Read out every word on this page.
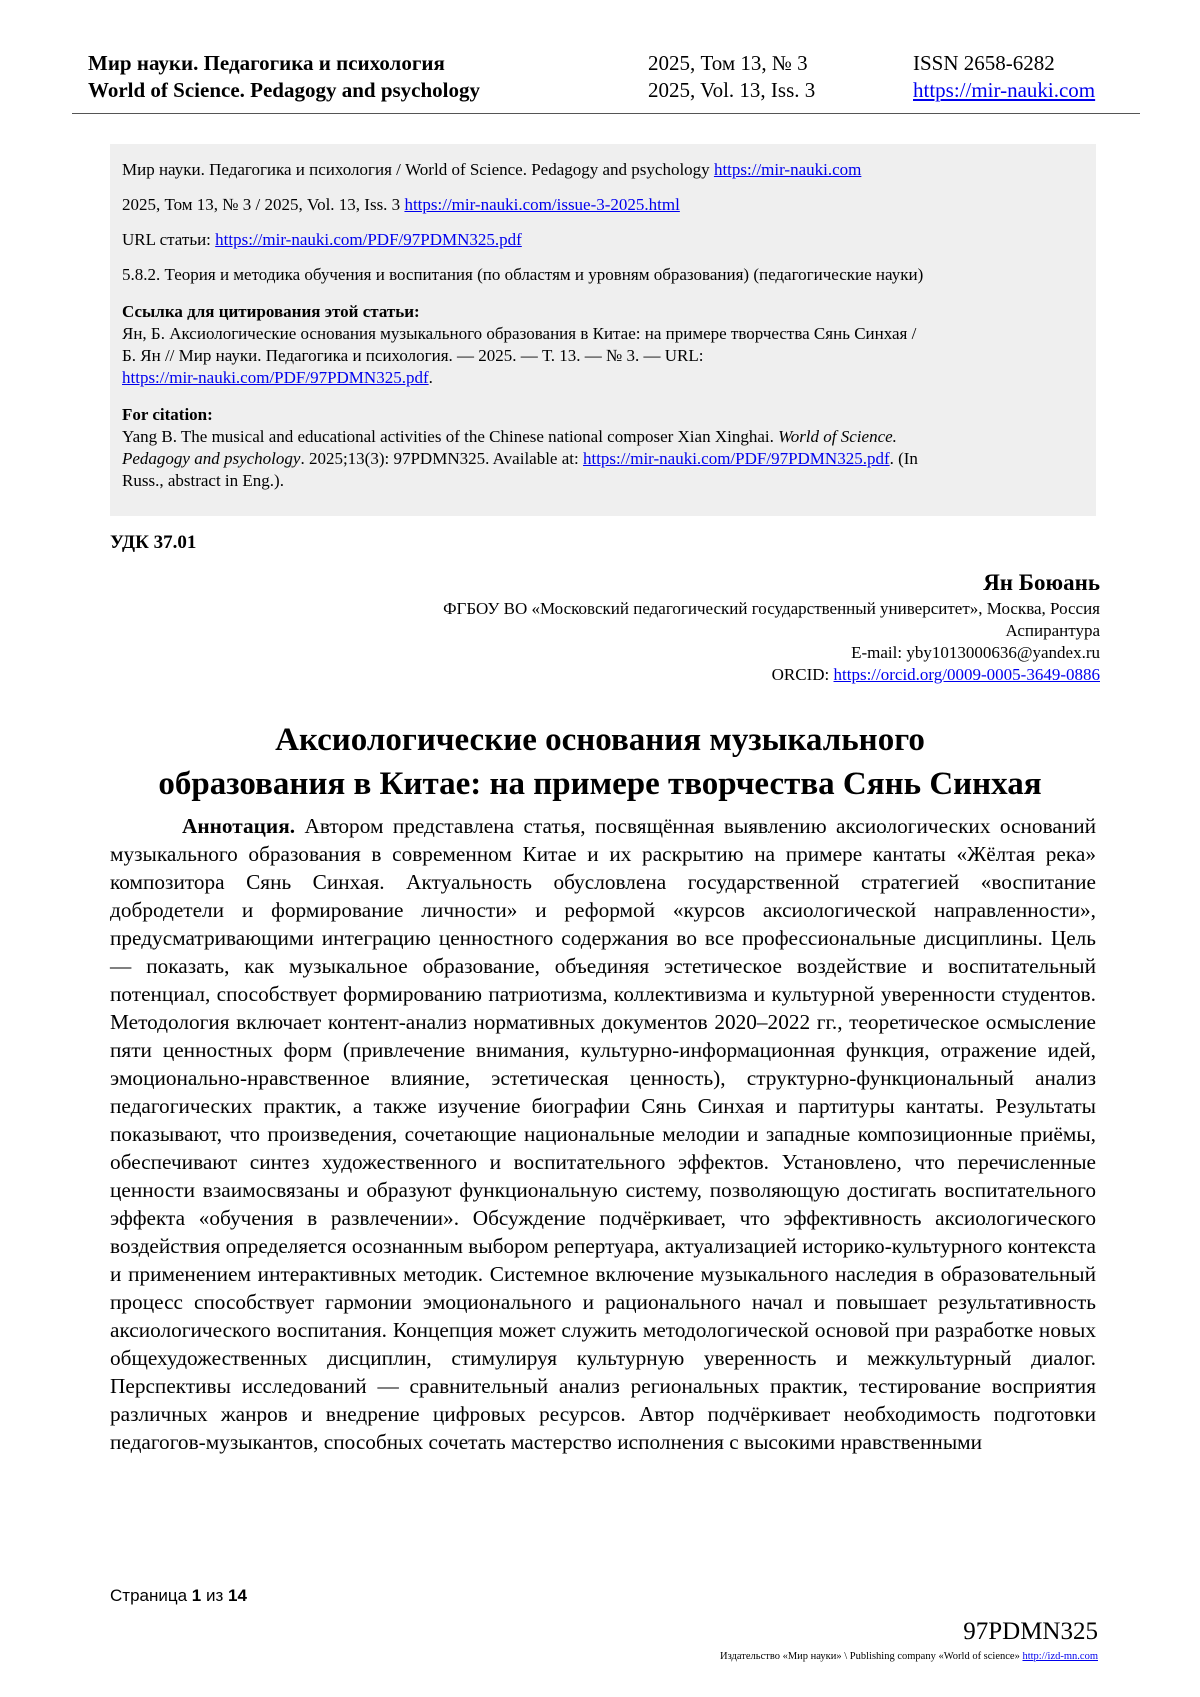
Мир науки. Педагогика и психология
World of Science. Pedagogy and psychology
2025, Том 13, № 3
2025, Vol. 13, Iss. 3
ISSN 2658-6282
https://mir-nauki.com

Мир науки. Педагогика и психология / World of Science. Pedagogy and psychology https://mir-nauki.com

2025, Том 13, № 3 / 2025, Vol. 13, Iss. 3 https://mir-nauki.com/issue-3-2025.html

URL статьи: https://mir-nauki.com/PDF/97PDMN325.pdf

5.8.2. Теория и методика обучения и воспитания (по областям и уровням образования) (педагогические науки)

Ссылка для цитирования этой статьи:

Ян, Б. Аксиологические основания музыкального образования в Китае: на примере творчества Сянь Синхая /

Б. Ян // Мир науки. Педагогика и психология. — 2025. — Т. 13. — № 3. — URL:

https://mir-nauki.com/PDF/97PDMN325.pdf.

For citation:

Yang B. The musical and educational activities of the Chinese national composer Xian Xinghai. World of Science.

Pedagogy and psychology. 2025;13(3): 97PDMN325. Available at: https://mir-nauki.com/PDF/97PDMN325.pdf. (In

Russ., abstract in Eng.).

УДК 37.01
Ян Боюань
ФГБОУ ВО «Московский педагогический государственный университет», Москва, Россия
Аспирантура
E-mail: yby1013000636@yandex.ru
ORCID: https://orcid.org/0009-0005-3649-0886
Аксиологические основания музыкального
образования в Китае: на примере творчества Сянь Синхая

Аннотация. Автором представлена статья, посвящённая выявлению аксиологических оснований музыкального образования в современном Китае и их раскрытию на примере кантаты «Жёлтая река» композитора Сянь Синхая. Актуальность обусловлена государственной стратегией «воспитание добродетели и формирование личности» и реформой «курсов аксиологической направленности», предусматривающими интеграцию ценностного содержания во все профессиональные дисциплины. Цель — показать, как музыкальное образование, объединяя эстетическое воздействие и воспитательный потенциал, способствует формированию патриотизма, коллективизма и культурной уверенности студентов. Методология включает контент-анализ нормативных документов 2020–2022 гг., теоретическое осмысление пяти ценностных форм (привлечение внимания, культурно-информационная функция, отражение идей, эмоционально-нравственное влияние, эстетическая ценность), структурно-функциональный анализ педагогических практик, а также изучение биографии Сянь Синхая и партитуры кантаты. Результаты показывают, что произведения, сочетающие национальные мелодии и западные композиционные приёмы, обеспечивают синтез художественного и воспитательного эффектов. Установлено, что перечисленные ценности взаимосвязаны и образуют функциональную систему, позволяющую достигать воспитательного эффекта «обучения в развлечении». Обсуждение подчёркивает, что эффективность аксиологического воздействия определяется осознанным выбором репертуара, актуализацией историко-культурного контекста и применением интерактивных методик. Системное включение музыкального наследия в образовательный процесс способствует гармонии эмоционального и рационального начал и повышает результативность аксиологического воспитания. Концепция может служить методологической основой при разработке новых общехудожественных дисциплин, стимулируя культурную уверенность и межкультурный диалог. Перспективы исследований — сравнительный анализ региональных практик, тестирование восприятия различных жанров и внедрение цифровых ресурсов. Автор подчёркивает необходимость подготовки педагогов-музыкантов, способных сочетать мастерство исполнения с высокими нравственными

Страница 1 из 14
97PDMN325
Издательство «Мир науки» \ Publishing company «World of science» http://izd-mn.com
